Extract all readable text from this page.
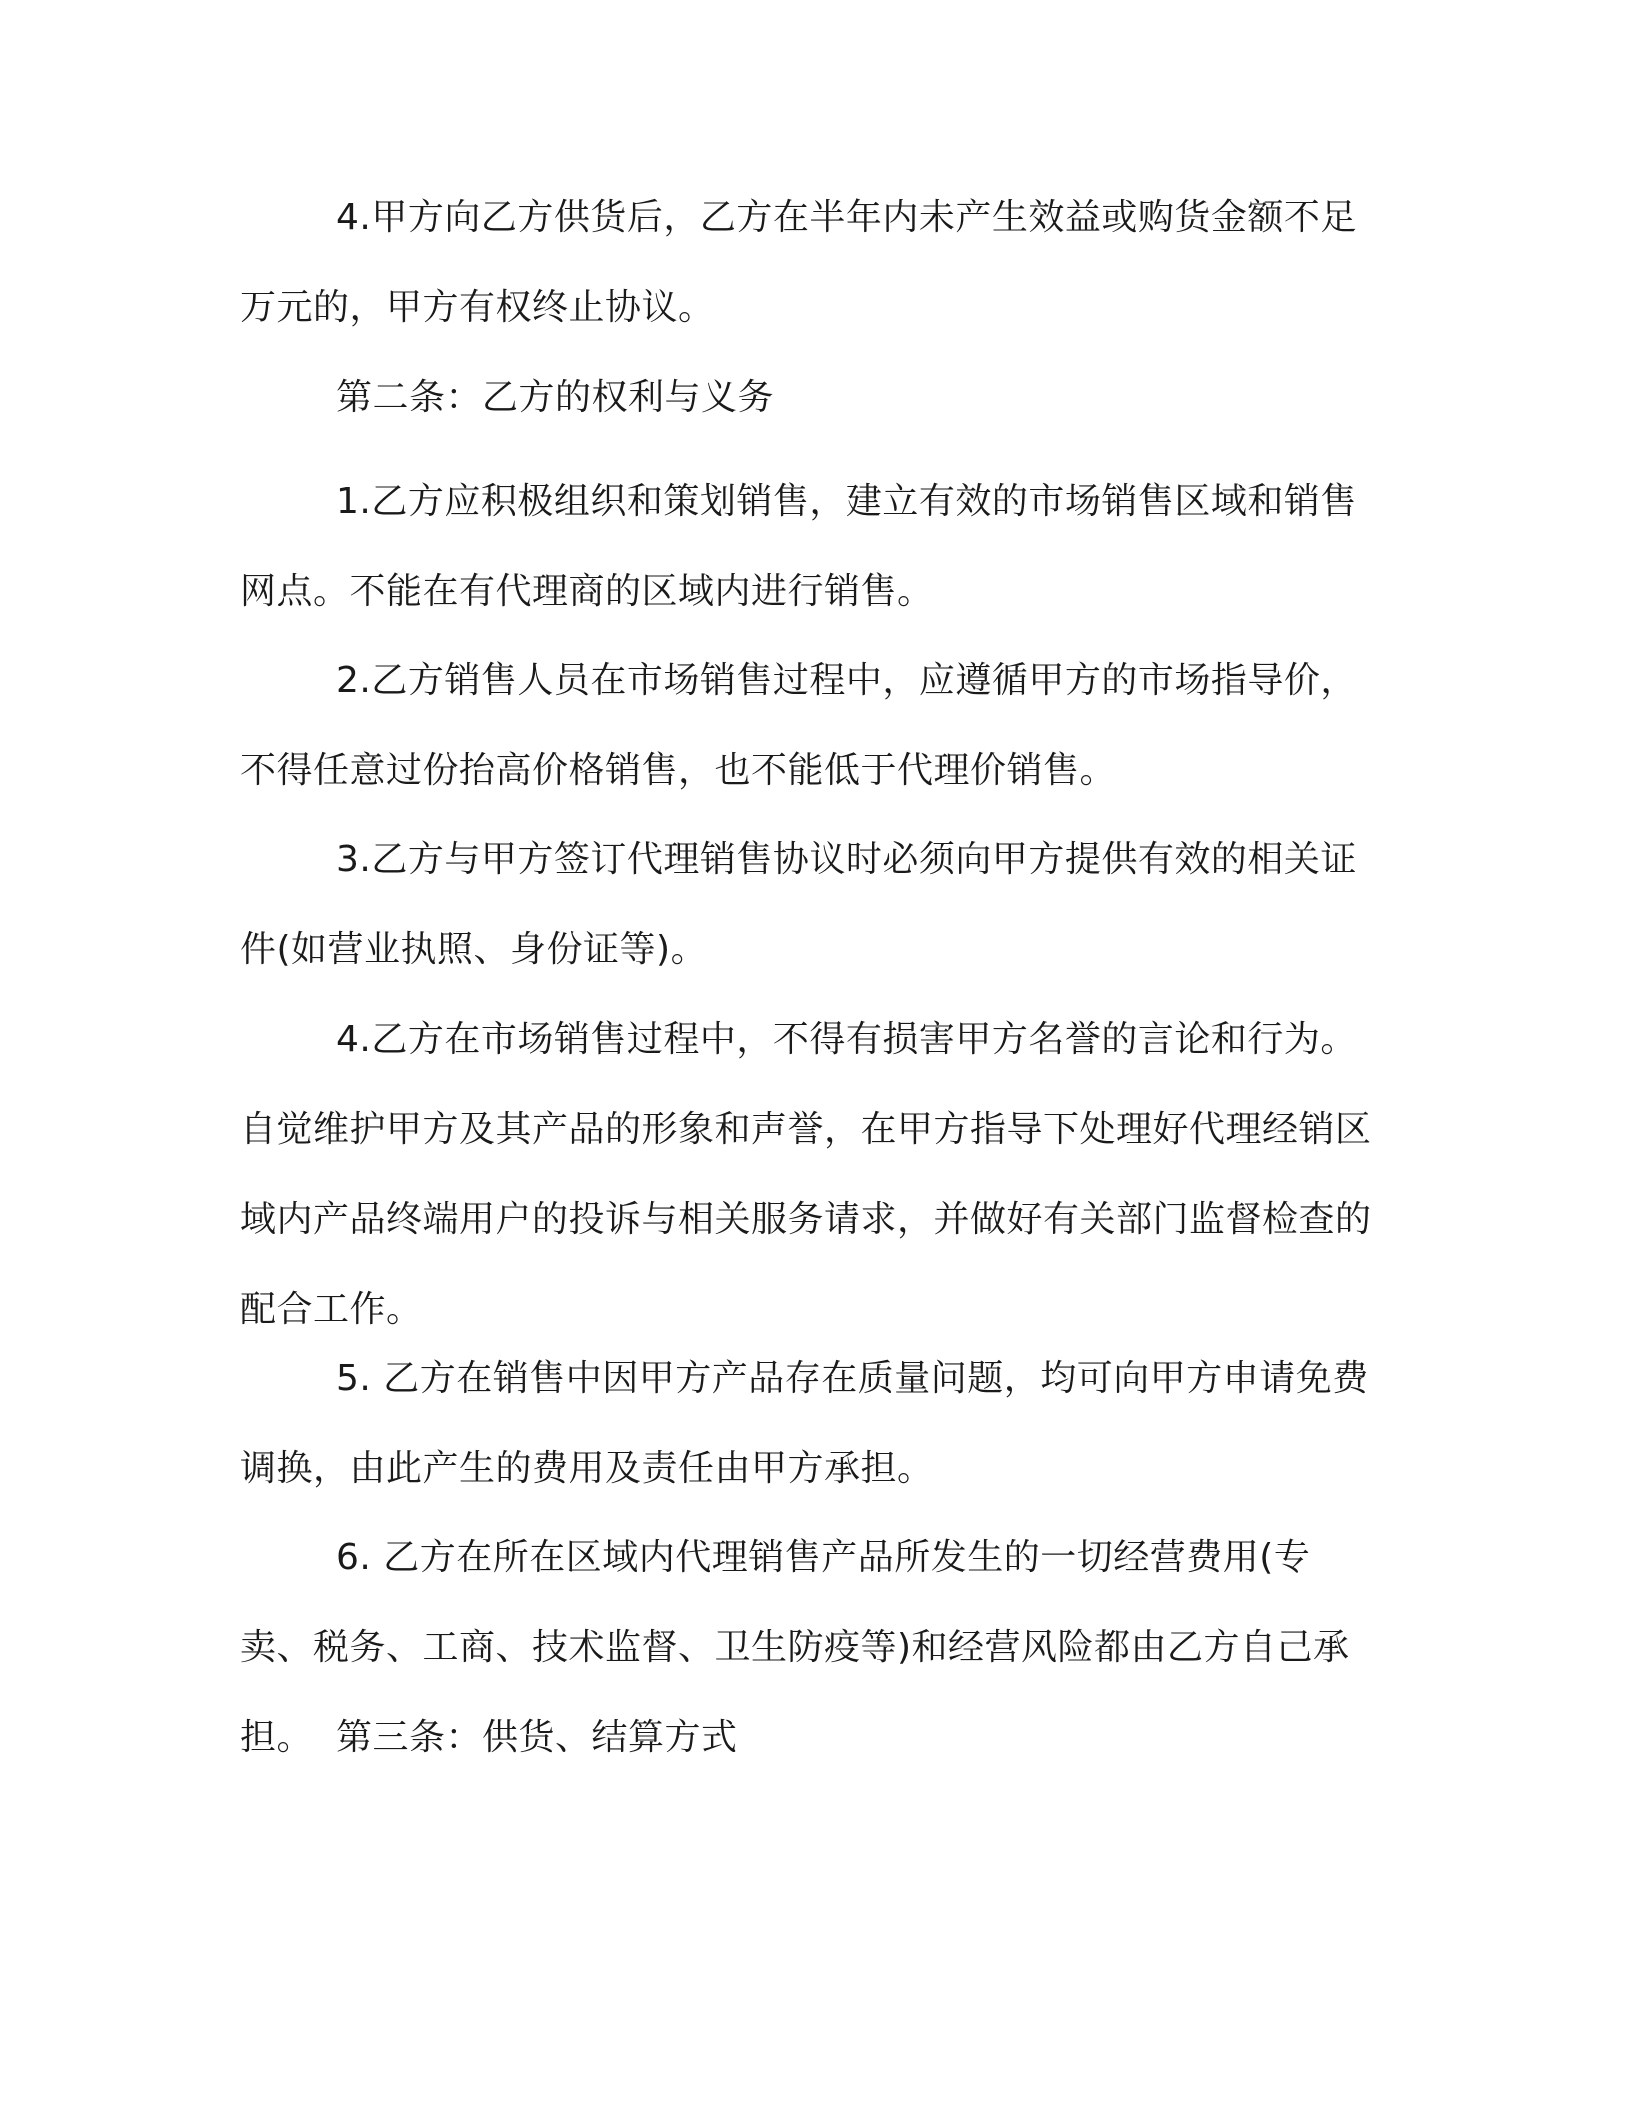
4.甲方向乙方供货后，乙方在半年内未产生效益或购货金额不足万元的，甲方有权终止协议。

第二条：乙方的权利与义务

1.乙方应积极组织和策划销售，建立有效的市场销售区域和销售网点。不能在有代理商的区域内进行销售。

2.乙方销售人员在市场销售过程中，应遵循甲方的市场指导价，不得任意过份抬高价格销售，也不能低于代理价销售。

3.乙方与甲方签订代理销售协议时必须向甲方提供有效的相关证件(如营业执照、身份证等)。

4.乙方在市场销售过程中，不得有损害甲方名誉的言论和行为。自觉维护甲方及其产品的形象和声誉，在甲方指导下处理好代理经销区域内产品终端用户的投诉与相关服务请求，并做好有关部门监督检查的配合工作。

5. 乙方在销售中因甲方产品存在质量问题，均可向甲方申请免费调换，由此产生的费用及责任由甲方承担。

6. 乙方在所在区域内代理销售产品所发生的一切经营费用(专卖、税务、工商、技术监督、卫生防疫等)和经营风险都由乙方自己承担。 第三条：供货、结算方式
